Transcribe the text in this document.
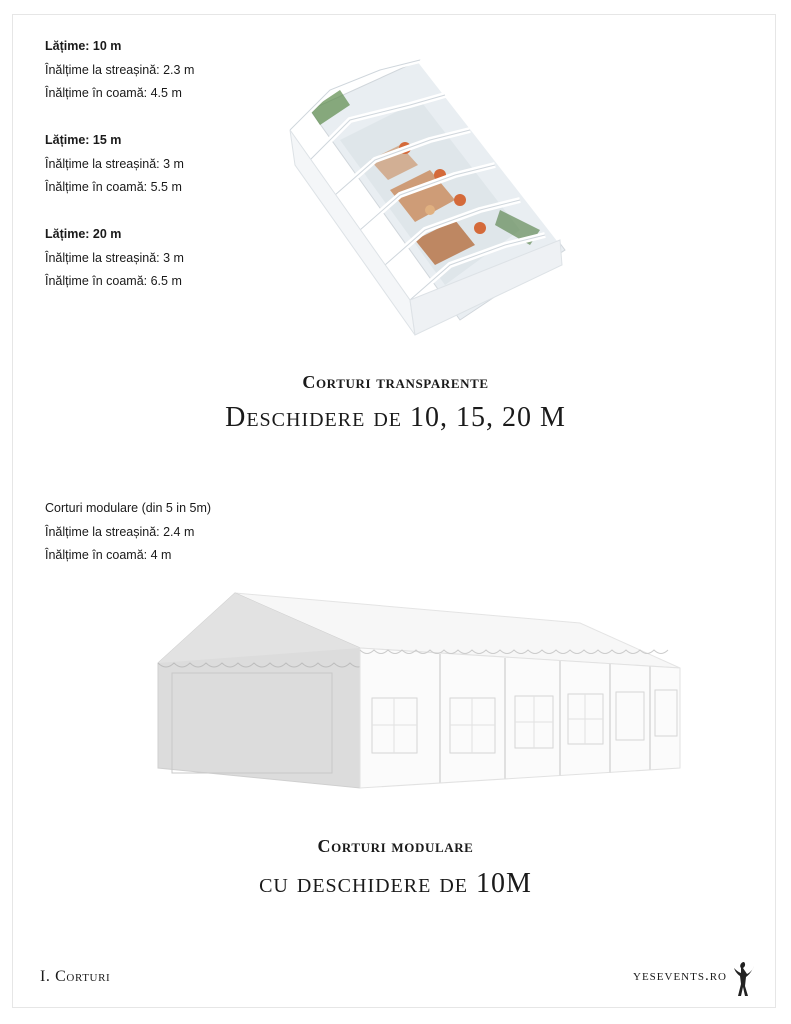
Lățime: 10 m
Înălțime la streașină: 2.3 m
Înălțime în coamă: 4.5 m
Lățime: 15 m
Înălțime la streașină: 3 m
Înălțime în coamă: 5.5 m
Lățime: 20 m
Înălțime la streașină: 3 m
Înălțime în coamă: 6.5 m
Corturi transparente
Deschidere de 10, 15, 20 M
Corturi modulare (din 5 in 5m)
Înălțime la streașină: 2.4 m
Înălțime în coamă: 4 m
Corturi modulare
cu deschidere de 10M
I. Corturi	yesevents.ro
